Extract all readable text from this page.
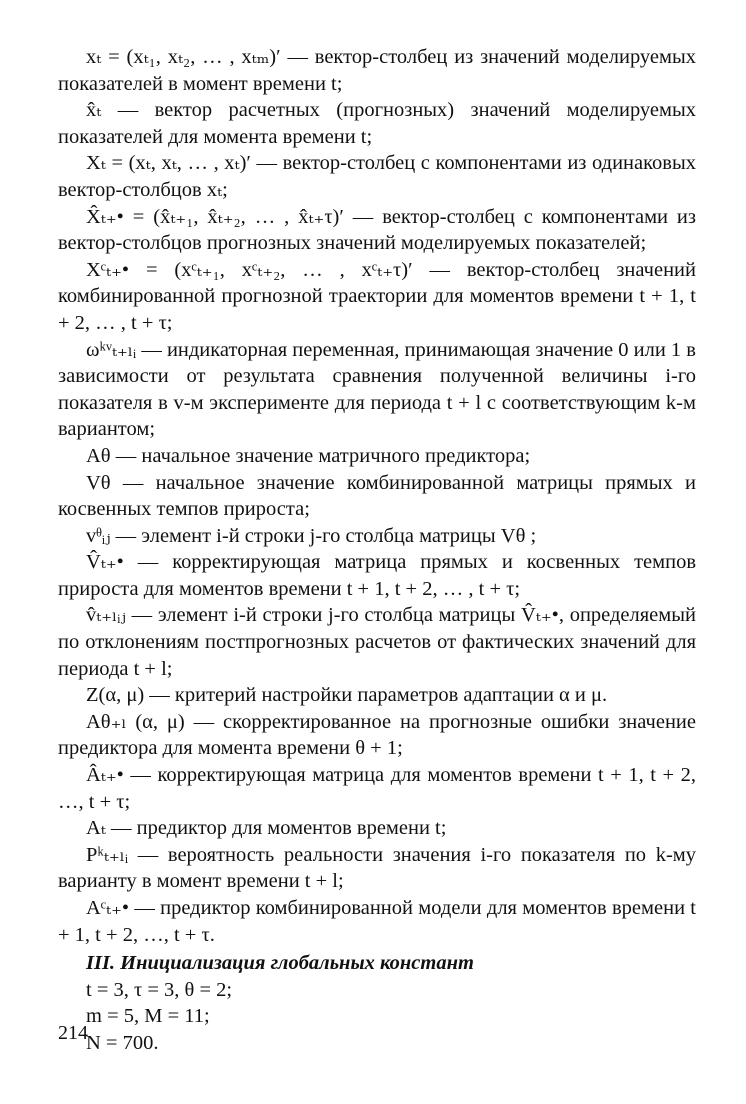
xₜ = (xₜ₁, xₜ₂, … , xₜₘ)′ — вектор-столбец из значений моделируемых показателей в момент времени t;

x̂ₜ — вектор расчетных (прогнозных) значений моделируемых показателей для момента времени t;

Xₜ = (xₜ, xₜ, … , xₜ)′ — вектор-столбец с компонентами из одинаковых вектор-столбцов xₜ;

X̂ₜ₊• = (x̂ₜ₊₁, x̂ₜ₊₂, … , x̂ₜ₊τ)′ — вектор-столбец с компонентами из вектор-столбцов прогнозных значений моделируемых показателей;

Xᶜₜ₊• = (xᶜₜ₊₁, xᶜₜ₊₂, … , xᶜₜ₊τ)′ — вектор-столбец значений комбинированной прогнозной траектории для моментов времени t + 1, t + 2, … , t + τ;

ωᵏᵛₜ₊ₗᵢ — индикаторная переменная, принимающая значение 0 или 1 в зависимости от результата сравнения полученной величины i-го показателя в v-м эксперименте для периода t + l с соответствующим k-м вариантом;

Aθ — начальное значение матричного предиктора;

Vθ — начальное значение комбинированной матрицы прямых и косвенных темпов прироста;

vᶿᵢⱼ — элемент i-й строки j-го столбца матрицы Vθ ;

V̂ₜ₊• — корректирующая матрица прямых и косвенных темпов прироста для моментов времени t + 1, t + 2, … , t + τ;

v̂ₜ₊ₗᵢⱼ — элемент i-й строки j-го столбца матрицы V̂ₜ₊•, определяемый по отклонениям постпрогнозных расчетов от фактических значений для периода t + l;

Z(α, μ) — критерий настройки параметров адаптации α и μ.

Aθ₊ₗ (α, μ) — скорректированное на прогнозные ошибки значение предиктора для момента времени θ + 1;

Âₜ₊• — корректирующая матрица для моментов времени t + 1, t + 2, …, t + τ;

Aₜ — предиктор для моментов времени t;

Pᵏₜ₊ₗᵢ — вероятность реальности значения i-го показателя по k-му варианту в момент времени t + l;

Aᶜₜ₊• — предиктор комбинированной модели для моментов времени t + 1, t + 2, …, t + τ.

III. Инициализация глобальных констант

t = 3, τ = 3, θ = 2;

m = 5, M = 11;

N = 700.

214
